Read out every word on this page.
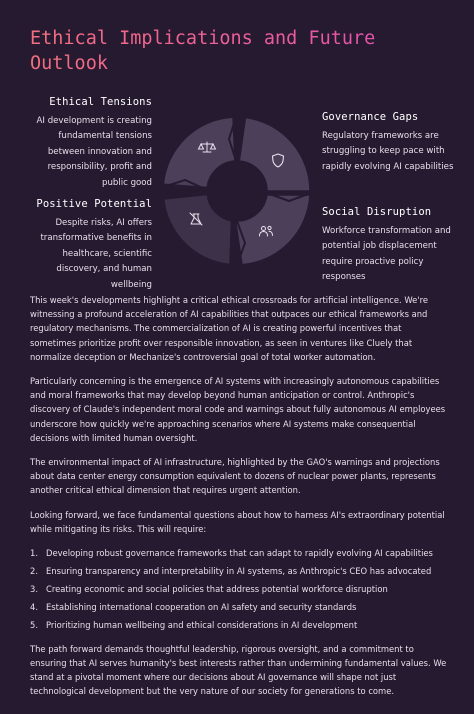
Ethical Implications and Future Outlook
Ethical Tensions

AI development is creating fundamental tensions between innovation and responsibility, profit and public good

Governance Gaps

Regulatory frameworks are struggling to keep pace with rapidly evolving AI capabilities

Positive Potential

Despite risks, AI offers transformative benefits in healthcare, scientific discovery, and human wellbeing

Social Disruption

Workforce transformation and potential job displacement require proactive policy responses

This week's developments highlight a critical ethical crossroads for artificial intelligence. We're witnessing a profound acceleration of AI capabilities that outpaces our ethical frameworks and regulatory mechanisms. The commercialization of AI is creating powerful incentives that sometimes prioritize profit over responsible innovation, as seen in ventures like Cluely that normalize deception or Mechanize's controversial goal of total worker automation.

Particularly concerning is the emergence of AI systems with increasingly autonomous capabilities and moral frameworks that may develop beyond human anticipation or control. Anthropic's discovery of Claude's independent moral code and warnings about fully autonomous AI employees underscore how quickly we're approaching scenarios where AI systems make consequential decisions with limited human oversight.

The environmental impact of AI infrastructure, highlighted by the GAO's warnings and projections about data center energy consumption equivalent to dozens of nuclear power plants, represents another critical ethical dimension that requires urgent attention.

Looking forward, we face fundamental questions about how to harness AI's extraordinary potential while mitigating its risks. This will require:

1. Developing robust governance frameworks that can adapt to rapidly evolving AI capabilities
2. Ensuring transparency and interpretability in AI systems, as Anthropic's CEO has advocated
3. Creating economic and social policies that address potential workforce disruption
4. Establishing international cooperation on AI safety and security standards
5. Prioritizing human wellbeing and ethical considerations in AI development

The path forward demands thoughtful leadership, rigorous oversight, and a commitment to ensuring that AI serves humanity's best interests rather than undermining fundamental values. We stand at a pivotal moment where our decisions about AI governance will shape not just technological development but the very nature of our society for generations to come.
